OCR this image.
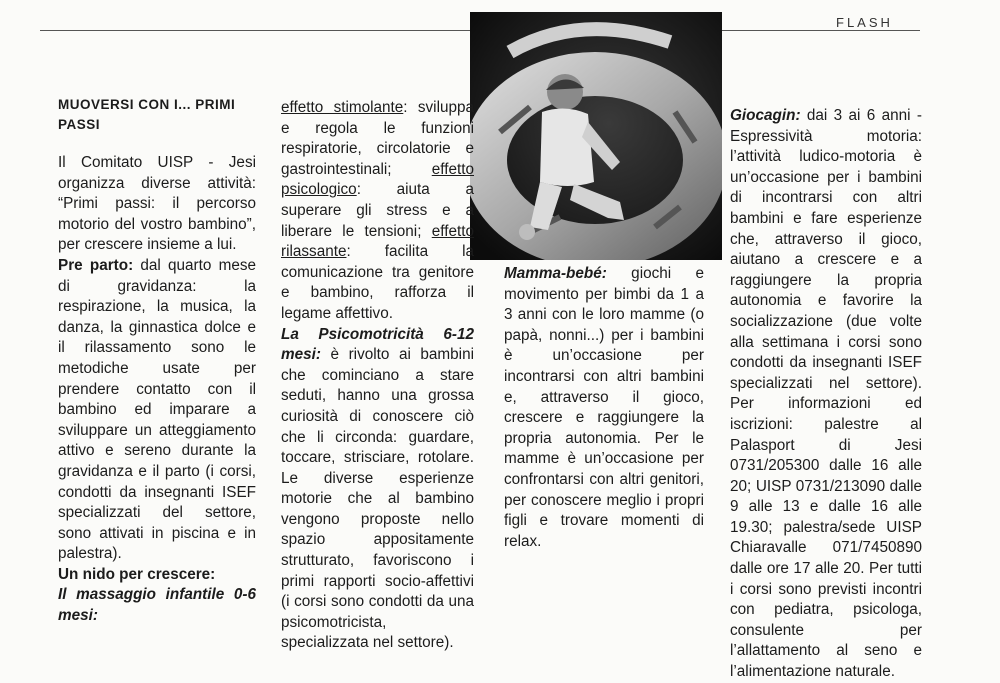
FLASH

MUOVERSI CON I... PRIMI PASSI

Il Comitato UISP - Jesi organizza diverse attività: “Primi passi: il percorso motorio del vostro bambino”, per crescere insieme a lui.

Pre parto: dal quarto mese di gravidanza: la respirazione, la musica, la danza, la ginnastica dolce e il rilassamento sono le metodiche usate per prendere contatto con il bambino ed imparare a sviluppare un atteggiamento attivo e sereno durante la gravidanza e il parto (i corsi, condotti da insegnanti ISEF specializzati del settore, sono attivati in piscina e in palestra).

Un nido per crescere:

Il massaggio infantile 0-6 mesi:

effetto stimolante: sviluppa e regola le funzioni respiratorie, circolatorie e gastrointestinali; effetto psicologico: aiuta a superare gli stress e a liberare le tensioni; effetto rilassante: facilita la comunicazione tra genitore e bambino, rafforza il legame affettivo.

La Psicomotricità 6-12 mesi: è rivolto ai bambini che cominciano a stare seduti, hanno una grossa curiosità di conoscere ciò che li circonda: guardare, toccare, strisciare, rotolare. Le diverse esperienze motorie che al bambino vengono proposte nello spazio appositamente strutturato, favoriscono i primi rapporti socio-affettivi (i corsi sono condotti da una psicomotricista, specializzata nel settore).

Mamma-bebé: giochi e movimento per bimbi da 1 a 3 anni con le loro mamme (o papà, nonni...) per i bambini è un’occasione per incontrarsi con altri bambini e, attraverso il gioco, crescere e raggiungere la propria autonomia. Per le mamme è un’occasione per confrontarsi con altri genitori, per conoscere meglio i propri figli e trovare momenti di relax.

Giocagin: dai 3 ai 6 anni - Espressività motoria: l’attività ludico-motoria è un’occasione per i bambini di incontrarsi con altri bambini e fare esperienze che, attraverso il gioco, aiutano a crescere e a raggiungere la propria autonomia e favorire la socializzazione (due volte alla settimana i corsi sono condotti da insegnanti ISEF specializzati nel settore). Per informazioni ed iscrizioni: palestre al Palasport di Jesi 0731/205300 dalle 16 alle 20; UISP 0731/213090 dalle 9 alle 13 e dalle 16 alle 19.30; palestra/sede UISP Chiaravalle 071/7450890 dalle ore 17 alle 20. Per tutti i corsi sono previsti incontri con pediatra, psicologa, consulente per l’allattamento al seno e l’alimentazione naturale.
